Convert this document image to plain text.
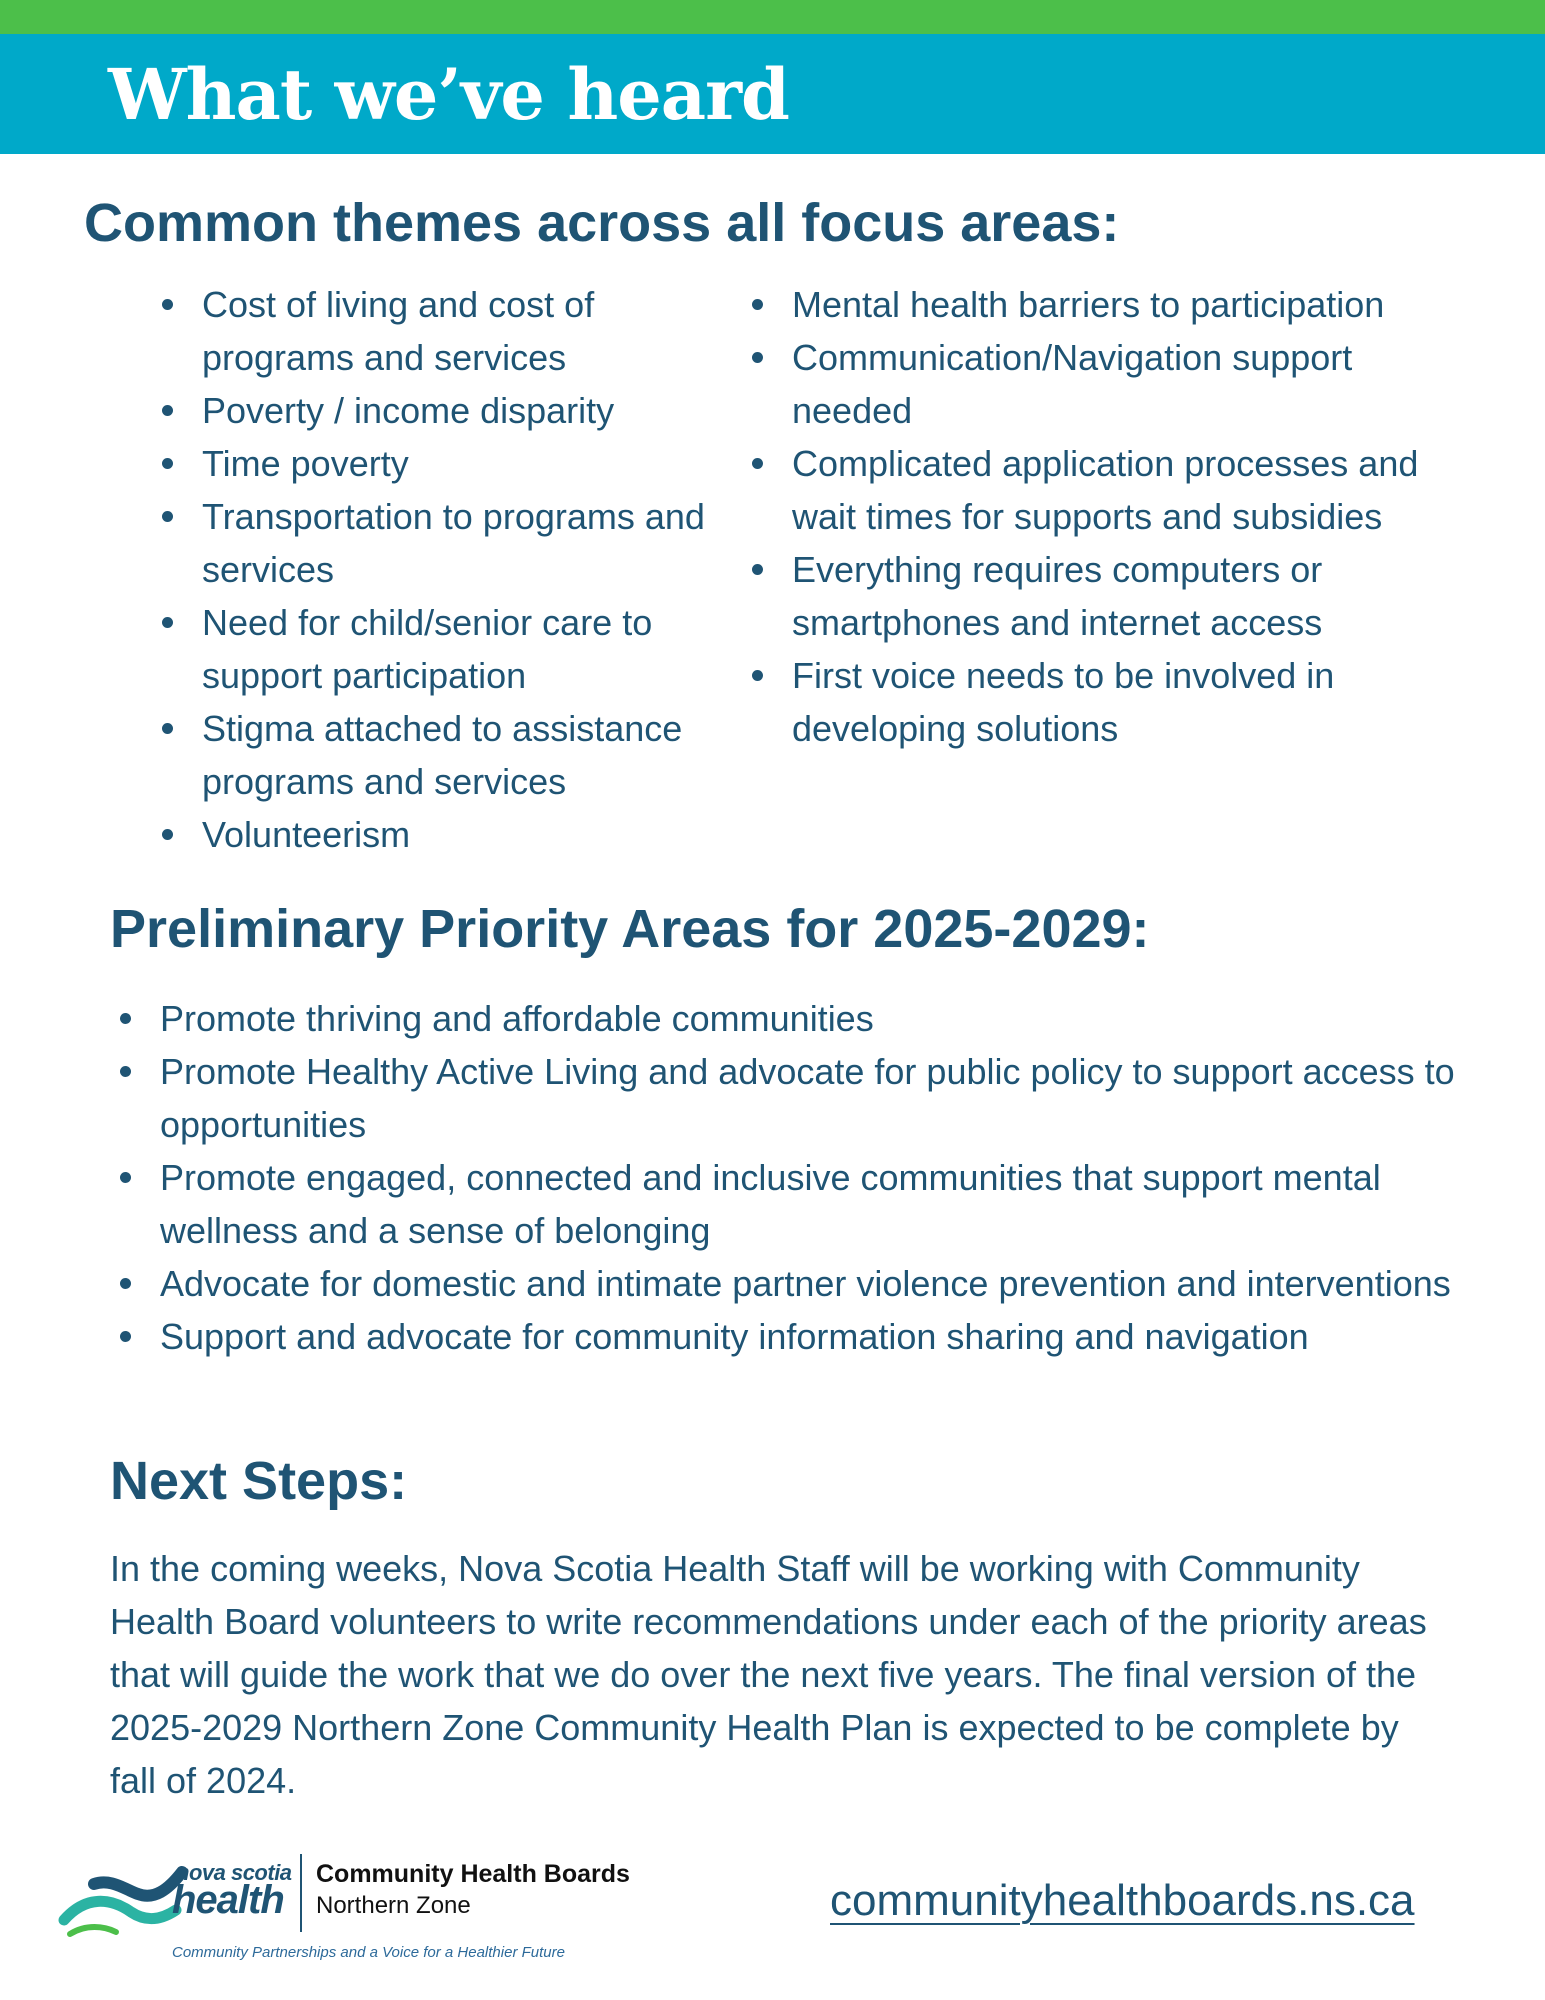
What we’ve heard
Common themes across all focus areas:
Cost of living and cost of programs and services
Poverty / income disparity
Time poverty
Transportation to programs and services
Need for child/senior care to support participation
Stigma attached to assistance programs and services
Volunteerism
Mental health barriers to participation
Communication/Navigation support needed
Complicated application processes and wait times for supports and subsidies
Everything requires computers or smartphones and internet access
First voice needs to be involved in developing solutions
Preliminary Priority Areas for 2025-2029:
Promote thriving and affordable communities
Promote Healthy Active Living and advocate for public policy to support access to opportunities
Promote engaged, connected and inclusive communities that support mental wellness and a sense of belonging
Advocate for domestic and intimate partner violence prevention and interventions
Support and advocate for community information sharing and navigation
Next Steps:

In the coming weeks, Nova Scotia Health Staff will be working with Community Health Board volunteers to write recommendations under each of the priority areas that will guide the work that we do over the next five years. The final version of the 2025-2029 Northern Zone Community Health Plan is expected to be complete by fall of 2024.

nova scotia
health
Community Health Boards
Northern Zone
Community Partnerships and a Voice for a Healthier Future
communityhealthboards.ns.ca
